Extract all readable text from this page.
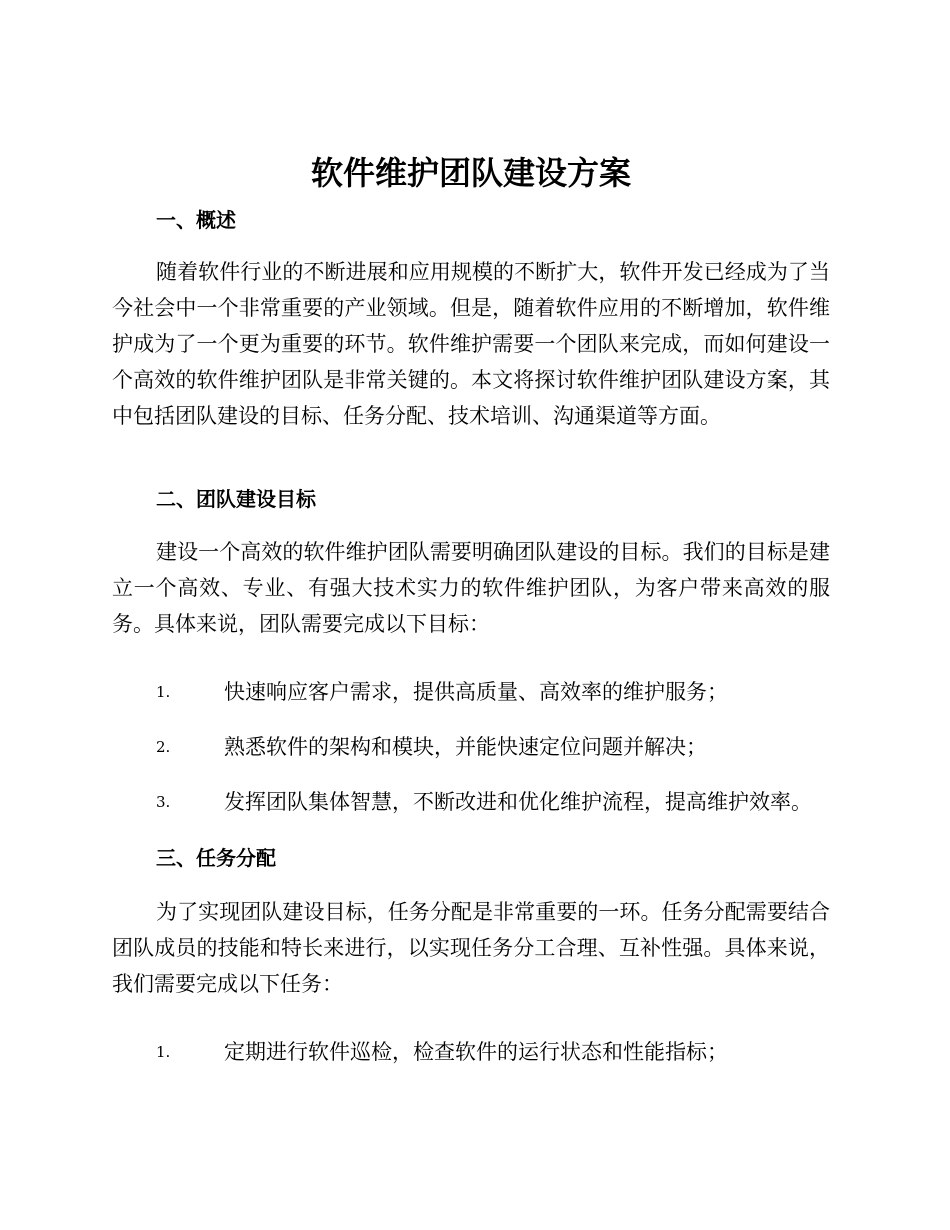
软件维护团队建设方案
一、概述

随着软件行业的不断进展和应用规模的不断扩大，软件开发已经成为了当今社会中一个非常重要的产业领域。但是，随着软件应用的不断增加，软件维护成为了一个更为重要的环节。软件维护需要一个团队来完成，而如何建设一个高效的软件维护团队是非常关键的。本文将探讨软件维护团队建设方案，其中包括团队建设的目标、任务分配、技术培训、沟通渠道等方面。

二、团队建设目标

建设一个高效的软件维护团队需要明确团队建设的目标。我们的目标是建立一个高效、专业、有强大技术实力的软件维护团队，为客户带来高效的服务。具体来说，团队需要完成以下目标：

1.	快速响应客户需求，提供高质量、高效率的维护服务；
2.	熟悉软件的架构和模块，并能快速定位问题并解决；
3.	发挥团队集体智慧，不断改进和优化维护流程，提高维护效率。
三、任务分配

为了实现团队建设目标，任务分配是非常重要的一环。任务分配需要结合团队成员的技能和特长来进行，以实现任务分工合理、互补性强。具体来说，我们需要完成以下任务：

1.	定期进行软件巡检，检查软件的运行状态和性能指标；
